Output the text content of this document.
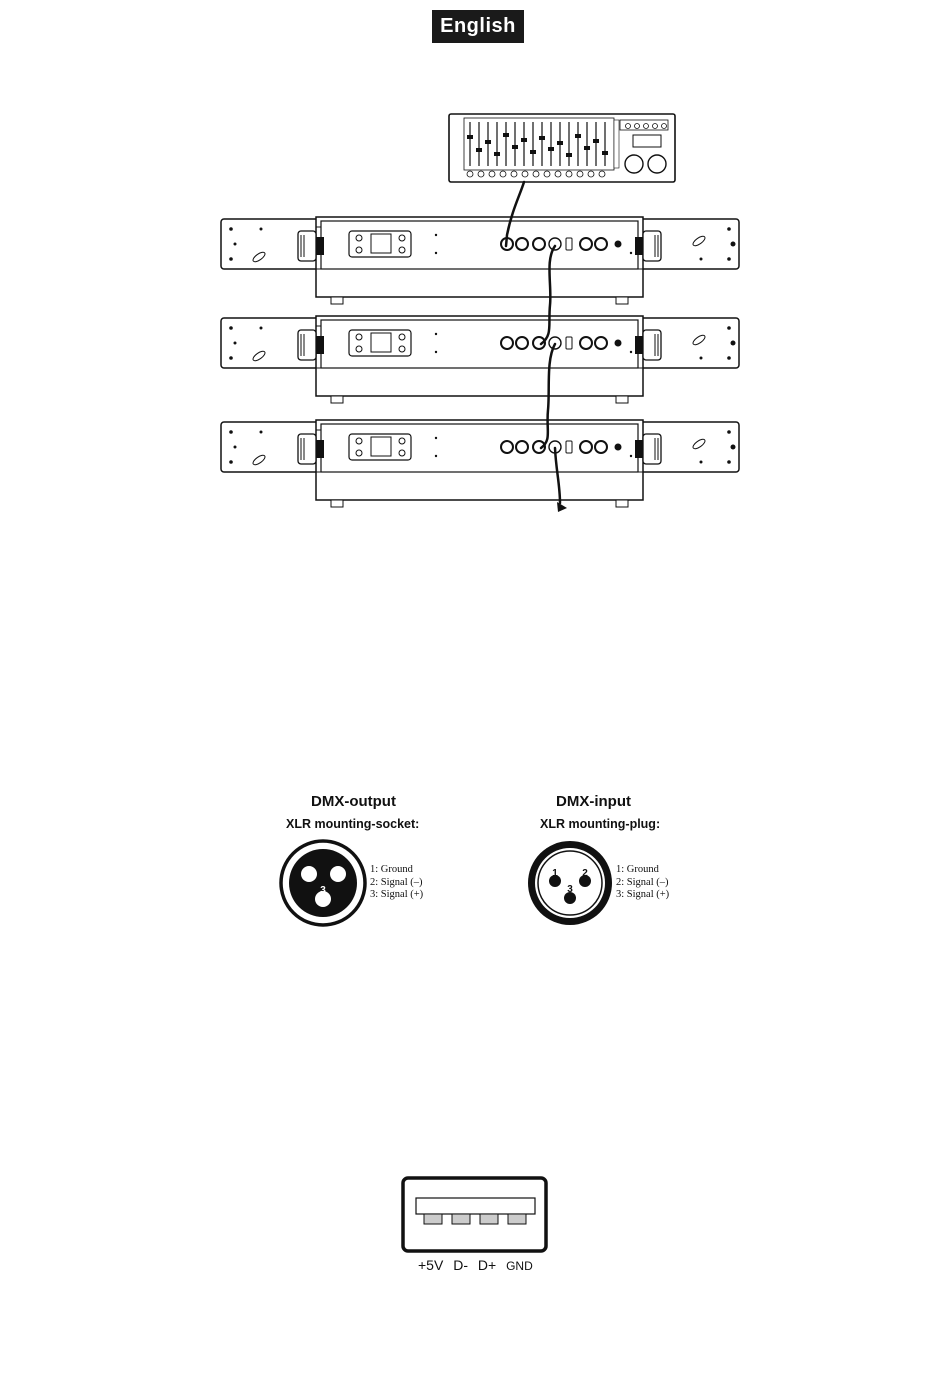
English
2 1
3
1 2
3
DMX-output
XLR mounting-socket:
1: Ground
2: Signal (–)
3: Signal (+)
DMX-input
XLR mounting-plug:
1: Ground
2: Signal (–)
3: Signal (+)
+5V D- D+ GND
